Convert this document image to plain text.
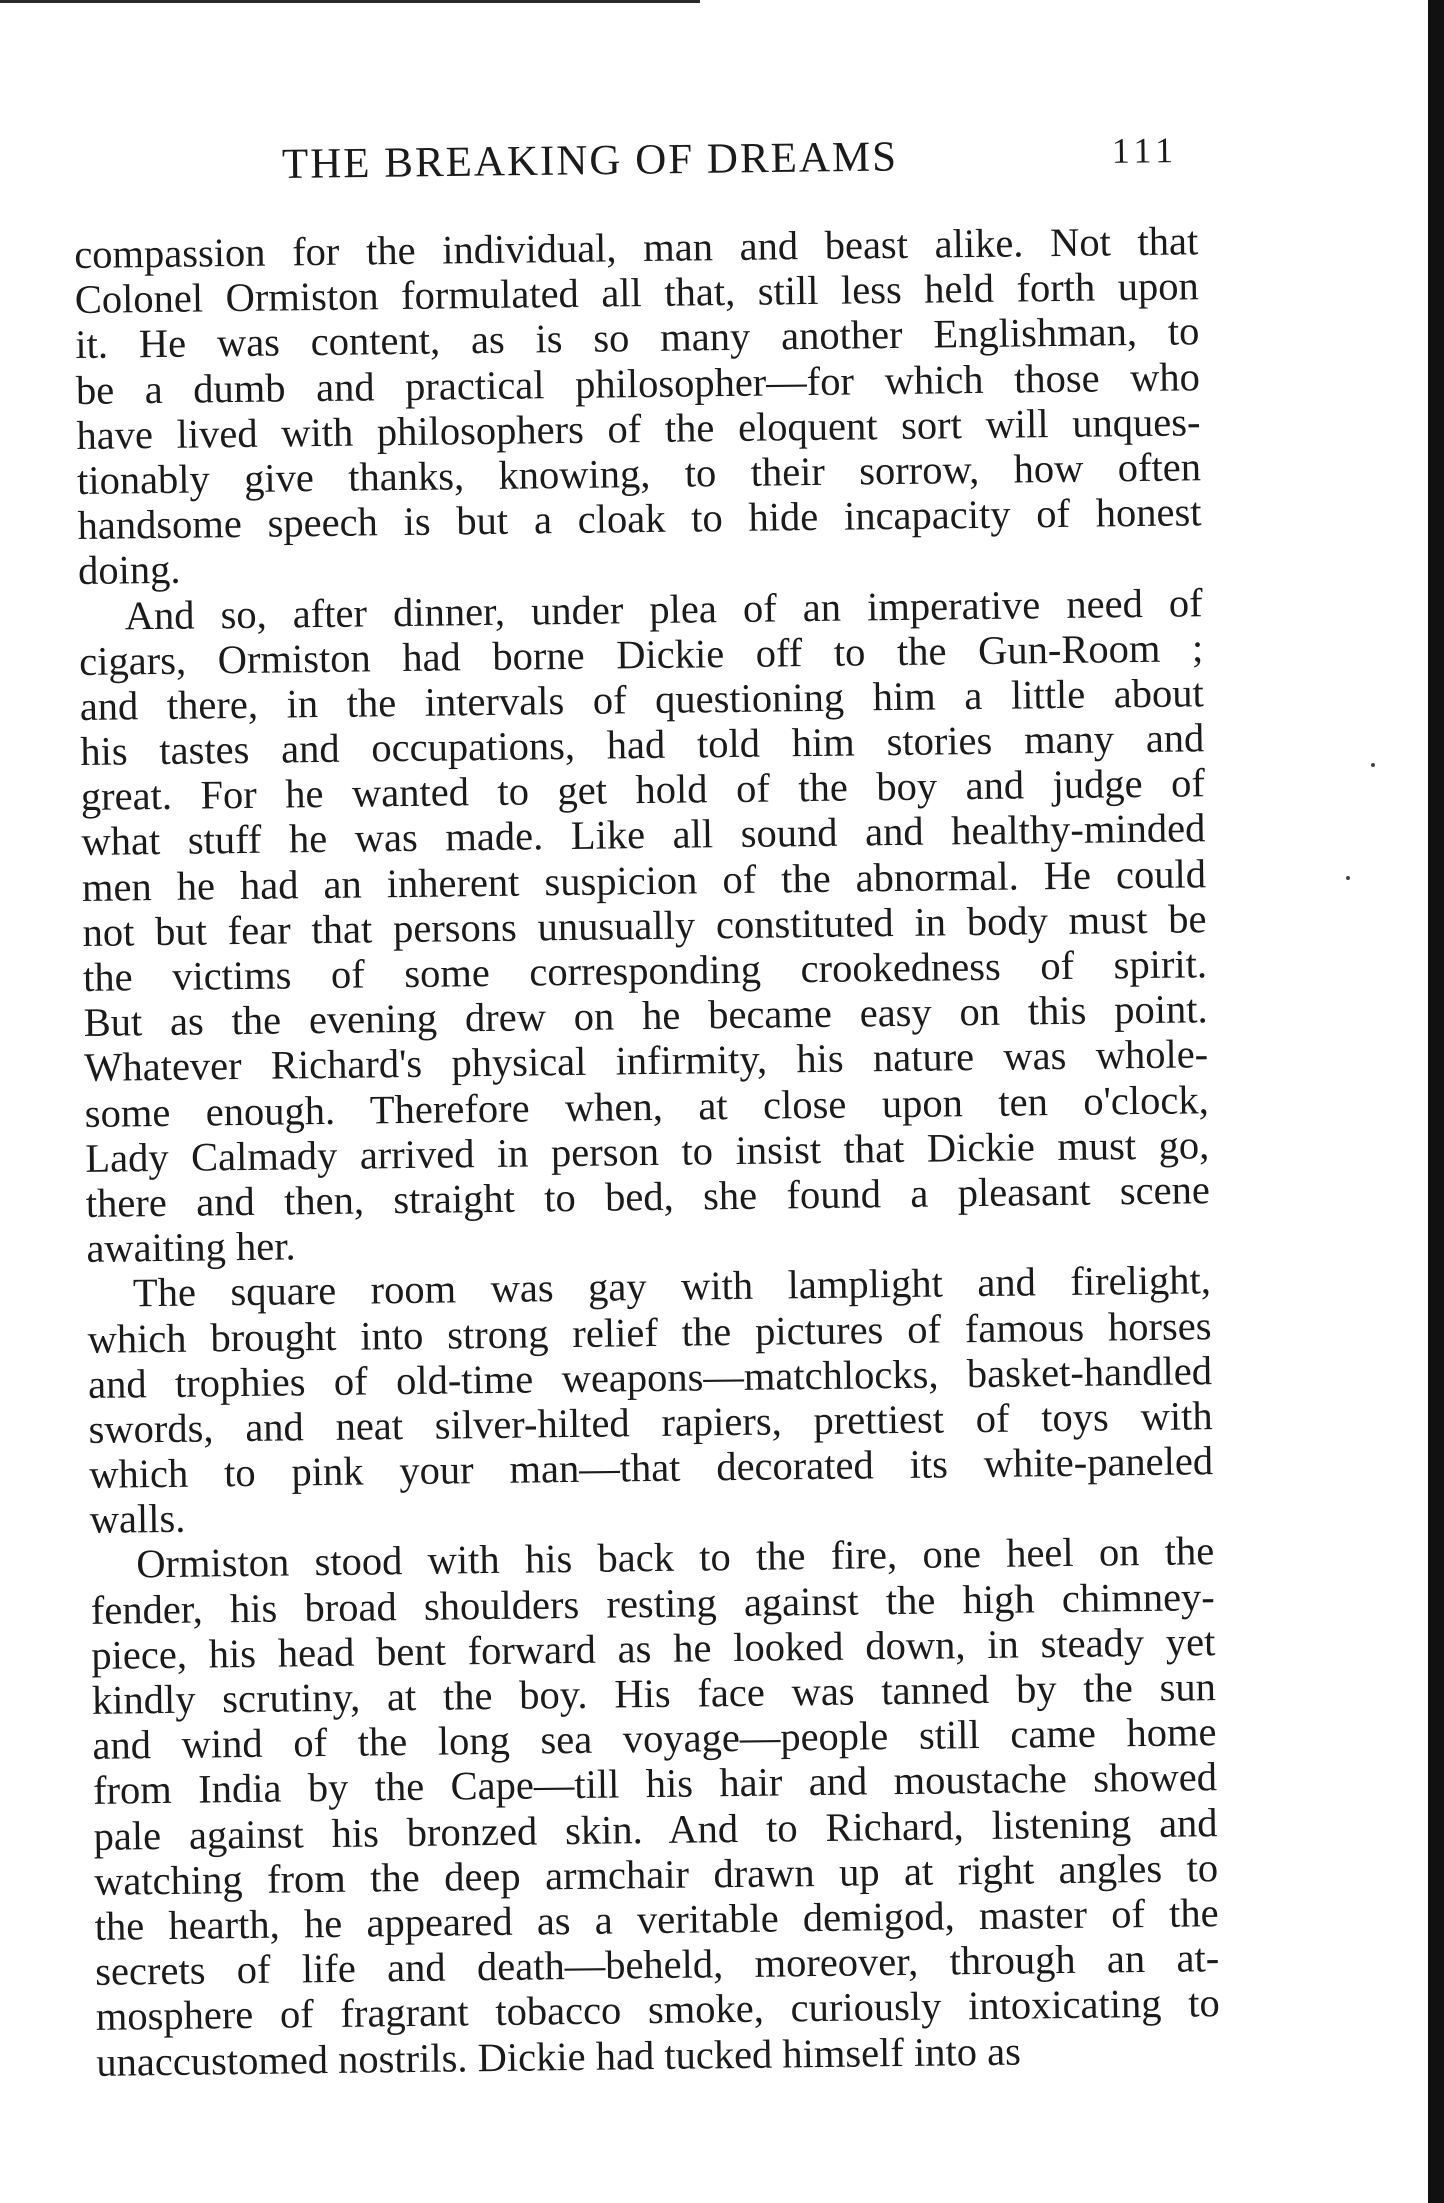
THE BREAKING OF DREAMS	111
compassion for the individual, man and beast alike. Not that
Colonel Ormiston formulated all that, still less held forth upon
it. He was content, as is so many another Englishman, to
be a dumb and practical philosopher—for which those who
have lived with philosophers of the eloquent sort will unques-
tionably give thanks, knowing, to their sorrow, how often
handsome speech is but a cloak to hide incapacity of honest
doing.
And so, after dinner, under plea of an imperative need of
cigars, Ormiston had borne Dickie off to the Gun-Room ;
and there, in the intervals of questioning him a little about
his tastes and occupations, had told him stories many and
great. For he wanted to get hold of the boy and judge of
what stuff he was made. Like all sound and healthy-minded
men he had an inherent suspicion of the abnormal. He could
not but fear that persons unusually constituted in body must be
the victims of some corresponding crookedness of spirit.
But as the evening drew on he became easy on this point.
Whatever Richard's physical infirmity, his nature was whole-
some enough. Therefore when, at close upon ten o'clock,
Lady Calmady arrived in person to insist that Dickie must go,
there and then, straight to bed, she found a pleasant scene
awaiting her.
The square room was gay with lamplight and firelight,
which brought into strong relief the pictures of famous horses
and trophies of old-time weapons—matchlocks, basket-handled
swords, and neat silver-hilted rapiers, prettiest of toys with
which to pink your man—that decorated its white-paneled
walls.
Ormiston stood with his back to the fire, one heel on the
fender, his broad shoulders resting against the high chimney-
piece, his head bent forward as he looked down, in steady yet
kindly scrutiny, at the boy. His face was tanned by the sun
and wind of the long sea voyage—people still came home
from India by the Cape—till his hair and moustache showed
pale against his bronzed skin. And to Richard, listening and
watching from the deep armchair drawn up at right angles to
the hearth, he appeared as a veritable demigod, master of the
secrets of life and death—beheld, moreover, through an at-
mosphere of fragrant tobacco smoke, curiously intoxicating to
unaccustomed nostrils. Dickie had tucked himself into as
